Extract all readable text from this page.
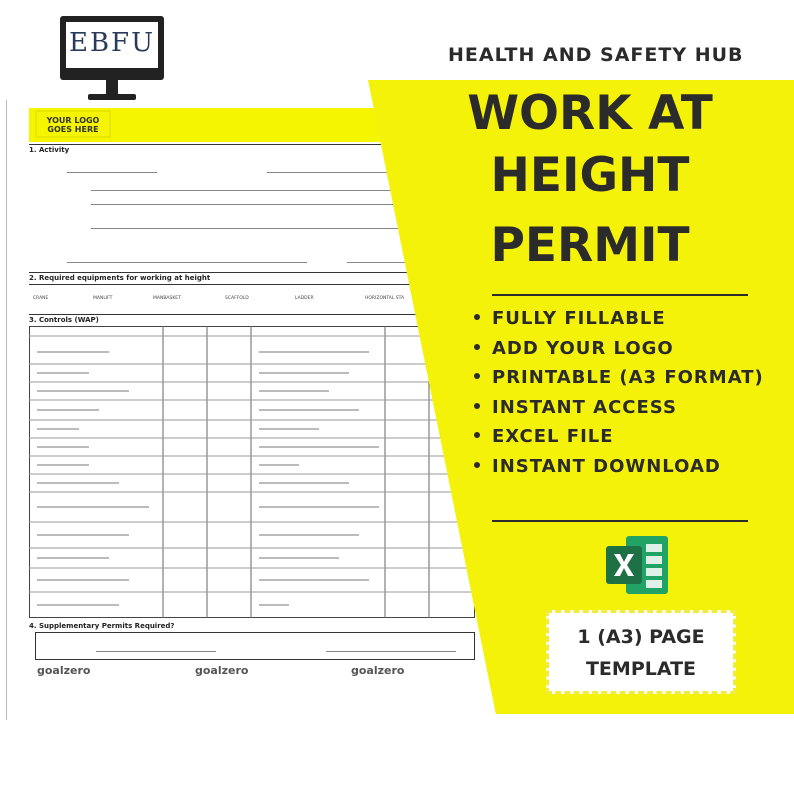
EBFU	HEALTH AND SAFETY HUB
YOUR LOGO GOES HERE
1. Activity
2. Required equipments for working at height
CRANE	MANLIFT	MANBASKET	SCAFFOLD	LADDER	HORIZONTAL STA
3. Controls (WAP)
4. Supplementary Permits Required?
goalzero	goalzero	goalzero
WORK AT
HEIGHT
PERMIT
FULLY FILLABLE
ADD YOUR LOGO
PRINTABLE (A3 FORMAT)
INSTANT ACCESS
EXCEL FILE
INSTANT DOWNLOAD
1 (A3) PAGE
TEMPLATE
